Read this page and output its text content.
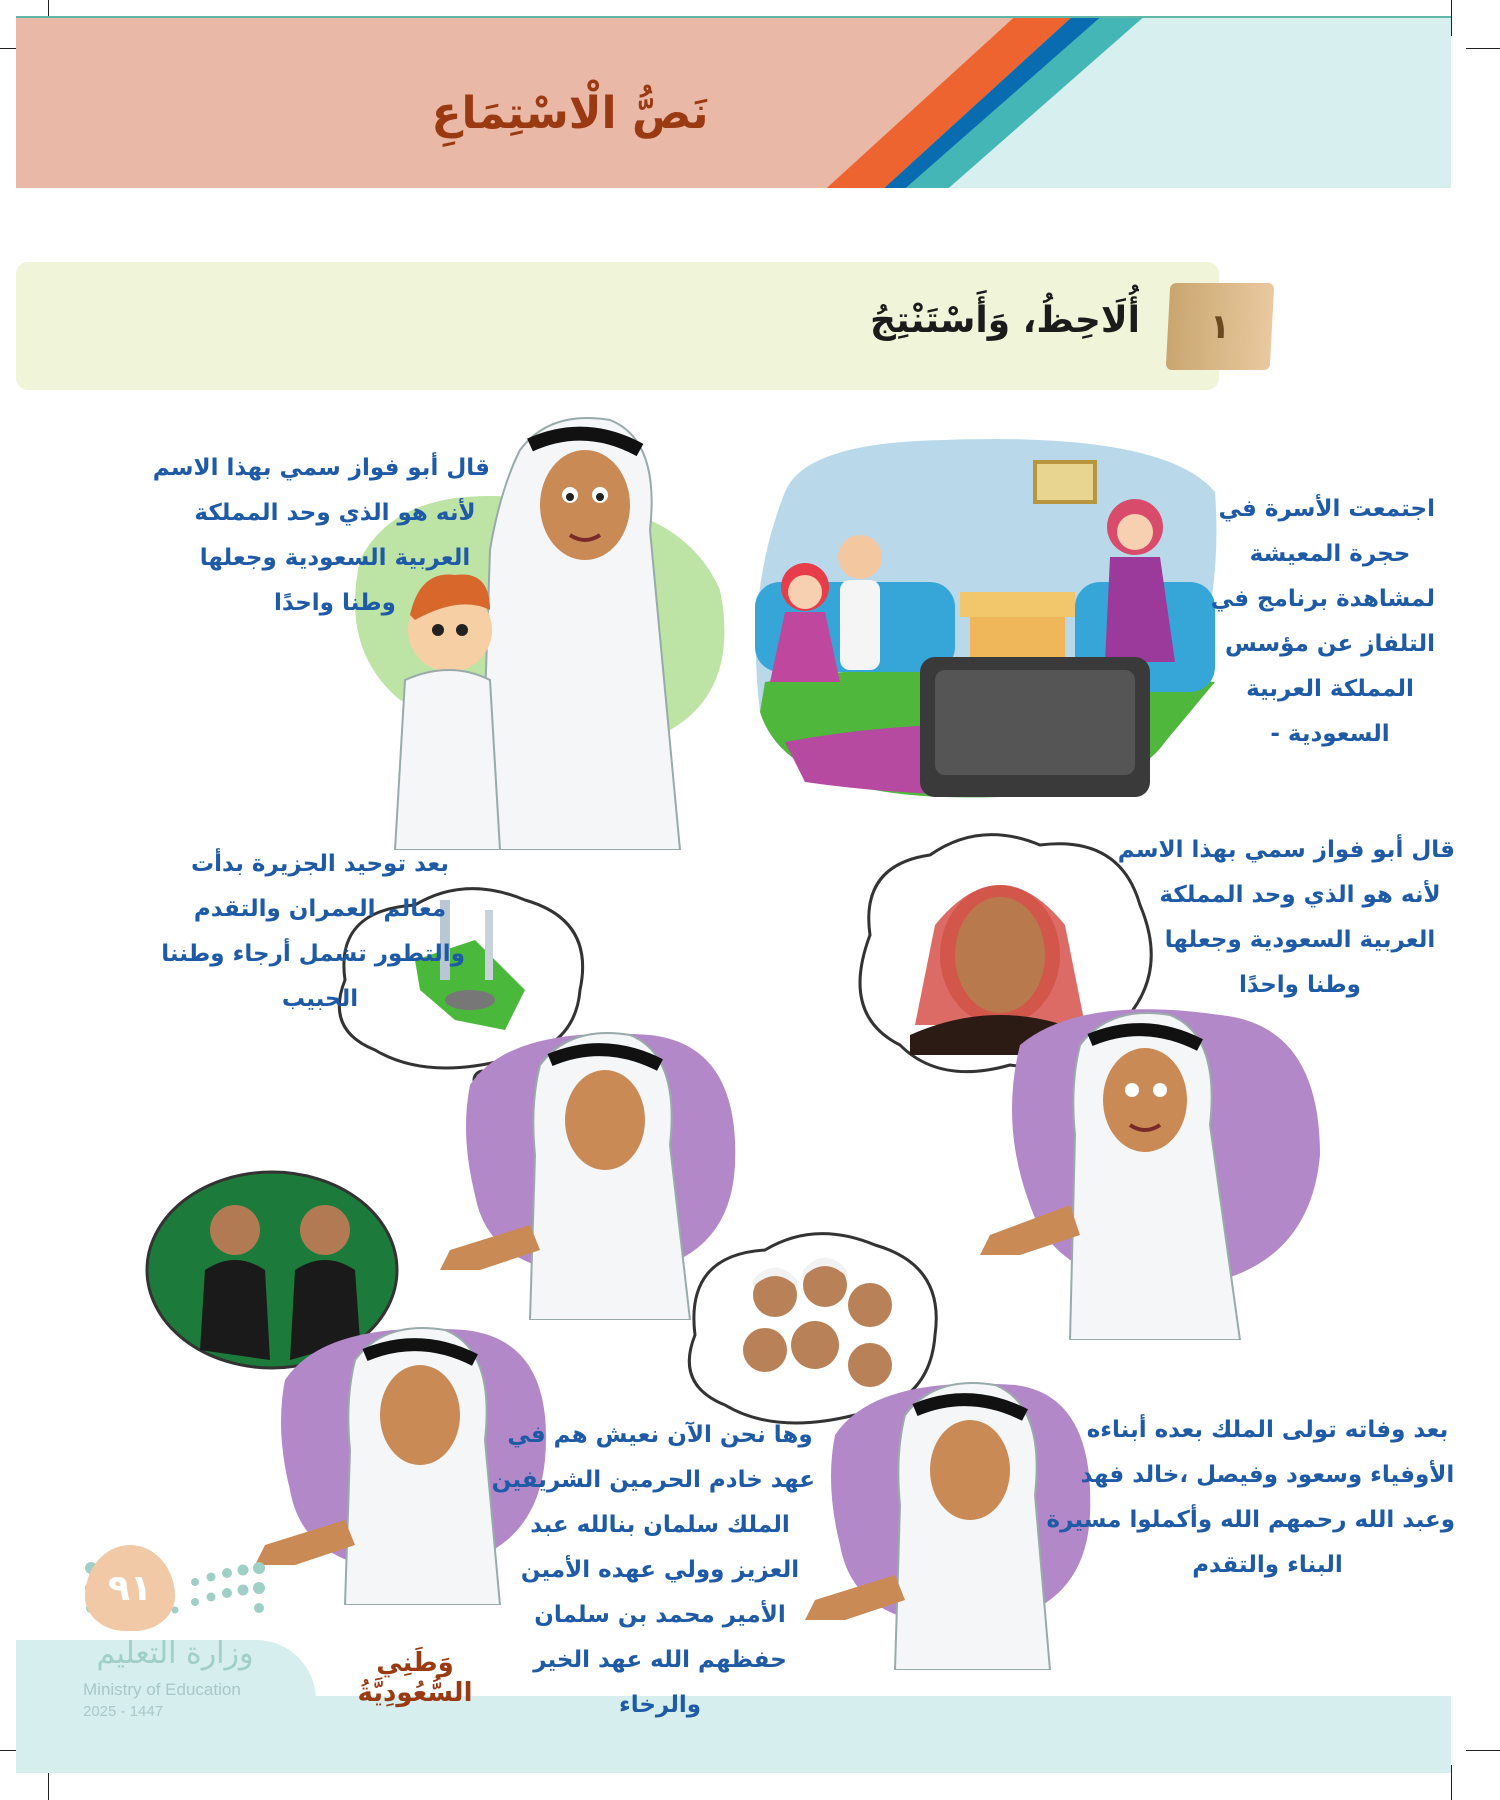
نَصُّ الْاسْتِمَاعِ
١
أُلَاحِظُ، وَأَسْتَنْتِجُ
اجتمعت الأسرة في
حجرة المعيشة
لمشاهدة برنامج في
التلفاز عن مؤسس
المملكة العربية
السعودية -
قال أبو فواز سمي بهذا الاسم
لأنه هو الذي وحد المملكة
العربية السعودية وجعلها
وطنا واحدًا
قال أبو فواز سمي بهذا الاسم
لأنه هو الذي وحد المملكة
العربية السعودية وجعلها
وطنا واحدًا
بعد توحيد الجزيرة بدأت
معالم العمران والتقدم
والتطور تشمل أرجاء وطننا
الحبيب
بعد وفاته تولى الملك بعده أبناءه
الأوفياء وسعود وفيصل ،خالد فهد
وعبد الله رحمهم الله وأكملوا مسيرة
البناء والتقدم
وها نحن الآن نعيش هم في
عهد خادم الحرمين الشريفين
الملك سلمان بنالله عبد
العزيز وولي عهده الأمين
الأمير محمد بن سلمان
حفظهم الله عهد الخير
والرخاء
٩١
وزارة التعليم
Ministry of Education
2025 - 1447
وَطَنِي السُّعُودِيَّةُ
